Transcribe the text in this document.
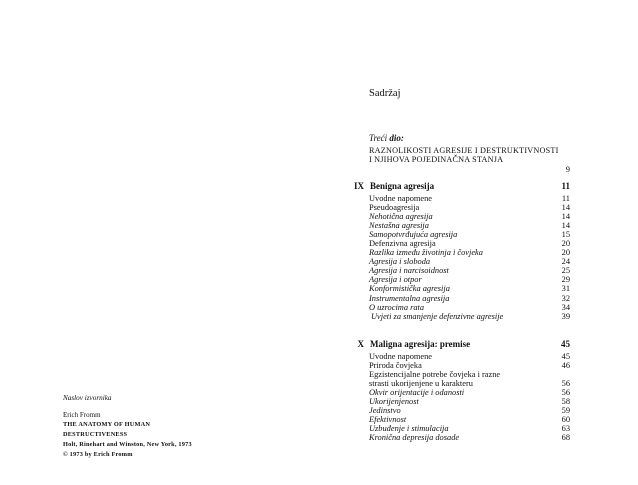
Sadržaj
Treći dio:
RAZNOLIKOSTI AGRESIJE I DESTRUKTIVNOSTI I NJIHOVA POJEDINAČNA STANJA
9
IX Benigna agresija	11
Uvodne napomene	11
Pseudoagresija	14
Nehotična agresija	14
Nestašna agresija	14
Samopotvrđujuća agresija	15
Defenzivna agresija	20
Razlika između životinja i čovjeka	20
Agresija i sloboda	24
Agresija i narcisoidnost	25
Agresija i otpor	29
Konformistička agresija	31
Instrumentalna agresija	32
O uzrocima rata	34
Uvjeti za smanjenje defenzivne agresije	39
X Maligna agresija: premise	45
Uvodne napomene	45
Priroda čovjeka	46
Egzistencijalne potrebe čovjeka i razne
strasti ukorijenjene u karakteru	56
Okvir orijentacije i odanosti	56
Ukorijenjenost	58
Jedinstvo	59
Efektivnost	60
Uzbuđenje i stimulacija	63
Kronična depresija dosade	68
Naslov izvornika
Erich Fromm
THE ANATOMY OF HUMAN
DESTRUCTIVENESS
Holt, Rinehart and Winston, New York, 1973
© 1973 by Erich Fromm
